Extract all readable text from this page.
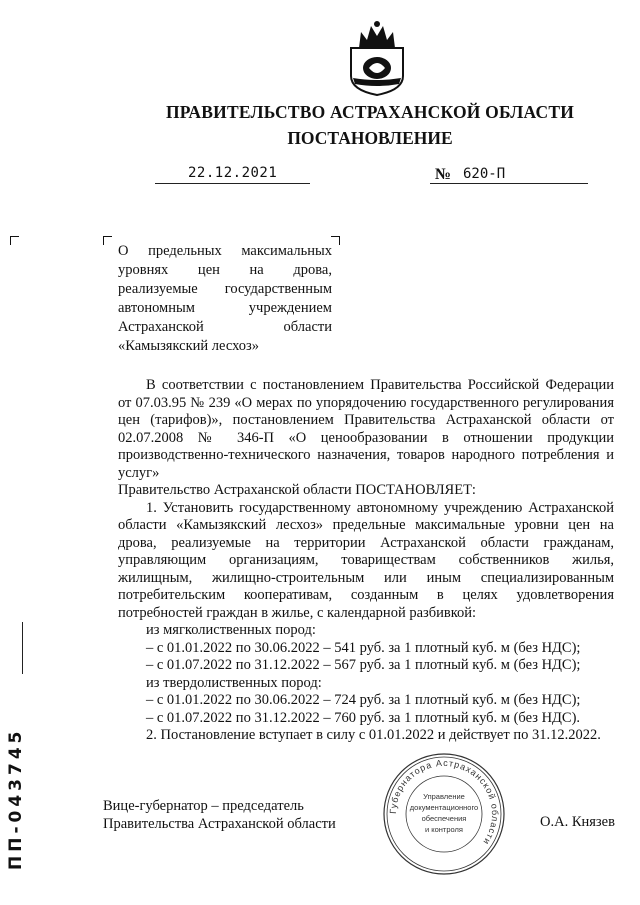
ПРАВИТЕЛЬСТВО АСТРАХАНСКОЙ ОБЛАСТИ
ПОСТАНОВЛЕНИЕ
22.12.2021	№ 620-П
О предельных максимальных уровнях цен на дрова, реализуемые государственным автономным учреждением Астраханской области «Камызякский лесхоз»

В соответствии с постановлением Правительства Российской Федерации от 07.03.95 № 239 «О мерах по упорядочению государственного регулирования цен (тарифов)», постановлением Правительства Астраханской области от 02.07.2008 № 346-П «О ценообразовании в отношении продукции производственно-технического назначения, товаров народного потребления и услуг»

Правительство Астраханской области ПОСТАНОВЛЯЕТ:

1. Установить государственному автономному учреждению Астраханской области «Камызякский лесхоз» предельные максимальные уровни цен на дрова, реализуемые на территории Астраханской области гражданам, управляющим организациям, товариществам собственников жилья, жилищным, жилищно-строительным или иным специализированным потребительским кооперативам, созданным в целях удовлетворения потребностей граждан в жилье, с календарной разбивкой:

из мягколиственных пород:

– с 01.01.2022 по 30.06.2022 – 541 руб. за 1 плотный куб. м (без НДС);

– с 01.07.2022 по 31.12.2022 – 567 руб. за 1 плотный куб. м (без НДС);

из твердолиственных пород:

– с 01.01.2022 по 30.06.2022 – 724 руб. за 1 плотный куб. м (без НДС);

– с 01.07.2022 по 31.12.2022 – 760 руб. за 1 плотный куб. м (без НДС).

2. Постановление вступает в силу с 01.01.2022 и действует по 31.12.2022.

Вице-губернатор – председатель
Правительства Астраханской области	О.А. Князев
Губернатора Астраханской области
Управление
документационного
обеспечения
и контроля
ПП-043745
